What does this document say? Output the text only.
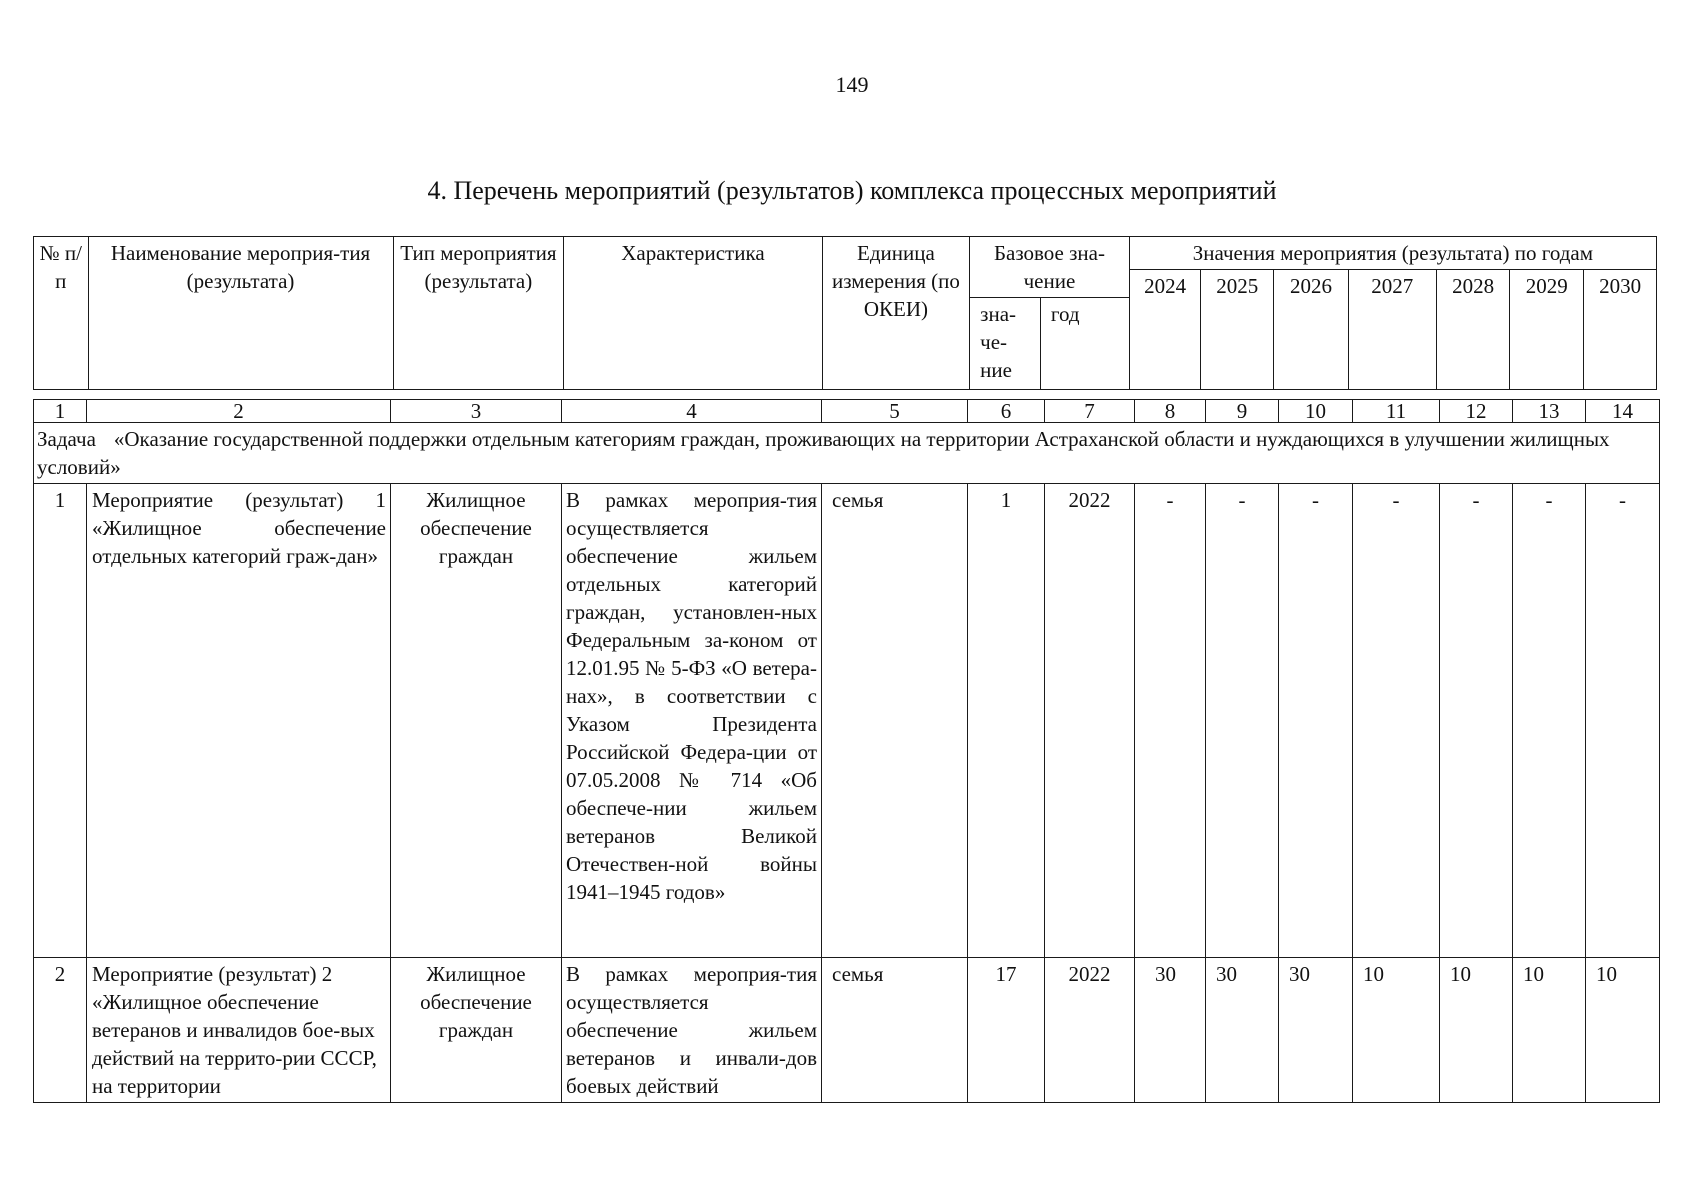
149
4. Перечень мероприятий (результатов) комплекса процессных мероприятий
№ п/п	Наименование мероприя-тия (результата)	Тип мероприятия (результата)	Характеристика	Единица измерения (по ОКЕИ)	Базовое зна-чение		Значения мероприятия (результата) по годам						
							2024	2025	2026	2027	2028	2029	2030
					зна-че-ние	год							
1	2	3	4	5	6	7	8	9	10	11	12	13	14
Задача «Оказание государственной поддержки отдельным категориям граждан, проживающих на территории Астраханской области и нуждающихся в улучшении жилищных условий»													
1	Мероприятие (результат) 1 «Жилищное обеспечение отдельных категорий граж-дан»	Жилищное обеспечение граждан	В рамках мероприя-тия осуществляется обеспечение жильем отдельных категорий граждан, установлен-ных Федеральным за-коном от 12.01.95 № 5-ФЗ «О ветера-нах», в соответствии с Указом Президента Российской Федера-ции от 07.05.2008 № 714 «Об обеспече-нии жильем ветеранов Великой Отечествен-ной войны 1941–1945 годов»	семья	1	2022	-	-	-	-	-	-	-
2	Мероприятие (результат) 2 «Жилищное обеспечение ветеранов и инвалидов бое-вых действий на террито-рии СССР, на территории	Жилищное обеспечение граждан	В рамках мероприя-тия осуществляется обеспечение жильем ветеранов и инвали-дов боевых действий	семья	17	2022	30	30	30	10	10	10	10
